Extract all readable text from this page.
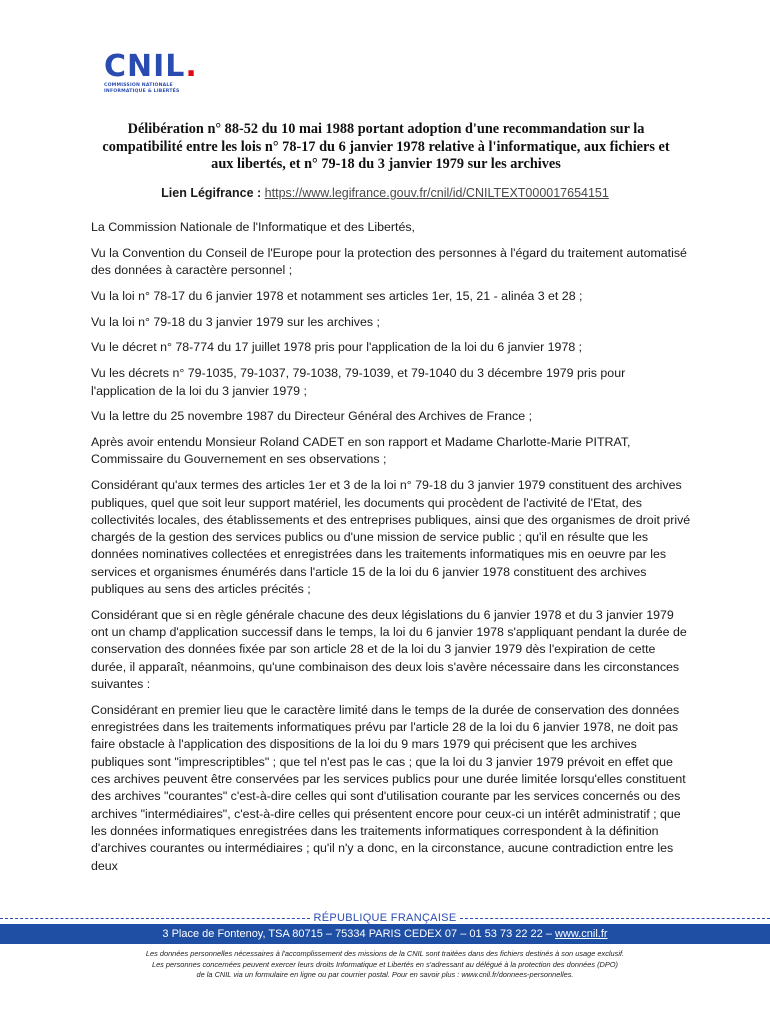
CNIL.
COMMISSION NATIONALE
INFORMATIQUE & LIBERTÉS
Délibération n° 88-52 du 10 mai 1988 portant adoption d'une recommandation sur la compatibilité entre les lois n° 78-17 du 6 janvier 1978 relative à l'informatique, aux fichiers et aux libertés, et n° 79-18 du 3 janvier 1979 sur les archives
Lien Légifrance : https://www.legifrance.gouv.fr/cnil/id/CNILTEXT000017654151

La Commission Nationale de l'Informatique et des Libertés,

Vu la Convention du Conseil de l'Europe pour la protection des personnes à l'égard du traitement automatisé des données à caractère personnel ;

Vu la loi n° 78-17 du 6 janvier 1978 et notamment ses articles 1er, 15, 21 - alinéa 3 et 28 ;

Vu la loi n° 79-18 du 3 janvier 1979 sur les archives ;

Vu le décret n° 78-774 du 17 juillet 1978 pris pour l'application de la loi du 6 janvier 1978 ;

Vu les décrets n° 79-1035, 79-1037, 79-1038, 79-1039, et 79-1040 du 3 décembre 1979 pris pour l'application de la loi du 3 janvier 1979 ;

Vu la lettre du 25 novembre 1987 du Directeur Général des Archives de France ;

Après avoir entendu Monsieur Roland CADET en son rapport et Madame Charlotte-Marie PITRAT, Commissaire du Gouvernement en ses observations ;

Considérant qu'aux termes des articles 1er et 3 de la loi n° 79-18 du 3 janvier 1979 constituent des archives publiques, quel que soit leur support matériel, les documents qui procèdent de l'activité de l'Etat, des collectivités locales, des établissements et des entreprises publiques, ainsi que des organismes de droit privé chargés de la gestion des services publics ou d'une mission de service public ; qu'il en résulte que les données nominatives collectées et enregistrées dans les traitements informatiques mis en oeuvre par les services et organismes énumérés dans l'article 15 de la loi du 6 janvier 1978 constituent des archives publiques au sens des articles précités ;

Considérant que si en règle générale chacune des deux législations du 6 janvier 1978 et du 3 janvier 1979 ont un champ d'application successif dans le temps, la loi du 6 janvier 1978 s'appliquant pendant la durée de conservation des données fixée par son article 28 et de la loi du 3 janvier 1979 dès l'expiration de cette durée, il apparaît, néanmoins, qu'une combinaison des deux lois s'avère nécessaire dans les circonstances suivantes :

Considérant en premier lieu que le caractère limité dans le temps de la durée de conservation des données enregistrées dans les traitements informatiques prévu par l'article 28 de la loi du 6 janvier 1978, ne doit pas faire obstacle à l'application des dispositions de la loi du 9 mars 1979 qui précisent que les archives publiques sont "imprescriptibles" ; que tel n'est pas le cas ; que la loi du 3 janvier 1979 prévoit en effet que ces archives peuvent être conservées par les services publics pour une durée limitée lorsqu'elles constituent des archives "courantes" c'est-à-dire celles qui sont d'utilisation courante par les services concernés ou des archives "intermédiaires", c'est-à-dire celles qui présentent encore pour ceux-ci un intérêt administratif ; que les données informatiques enregistrées dans les traitements informatiques correspondent à la définition d'archives courantes ou intermédiaires ; qu'il n'y a donc, en la circonstance, aucune contradiction entre les deux

RÉPUBLIQUE FRANÇAISE
3 Place de Fontenoy, TSA 80715 – 75334 PARIS CEDEX 07 – 01 53 73 22 22 – www.cnil.fr
Les données personnelles nécessaires à l'accomplissement des missions de la CNIL sont traitées dans des fichiers destinés à son usage exclusif.
Les personnes concernées peuvent exercer leurs droits Informatique et Libertés en s'adressant au délégué à la protection des données (DPO)
de la CNIL via un formulaire en ligne ou par courrier postal. Pour en savoir plus : www.cnil.fr/donnees-personnelles.
